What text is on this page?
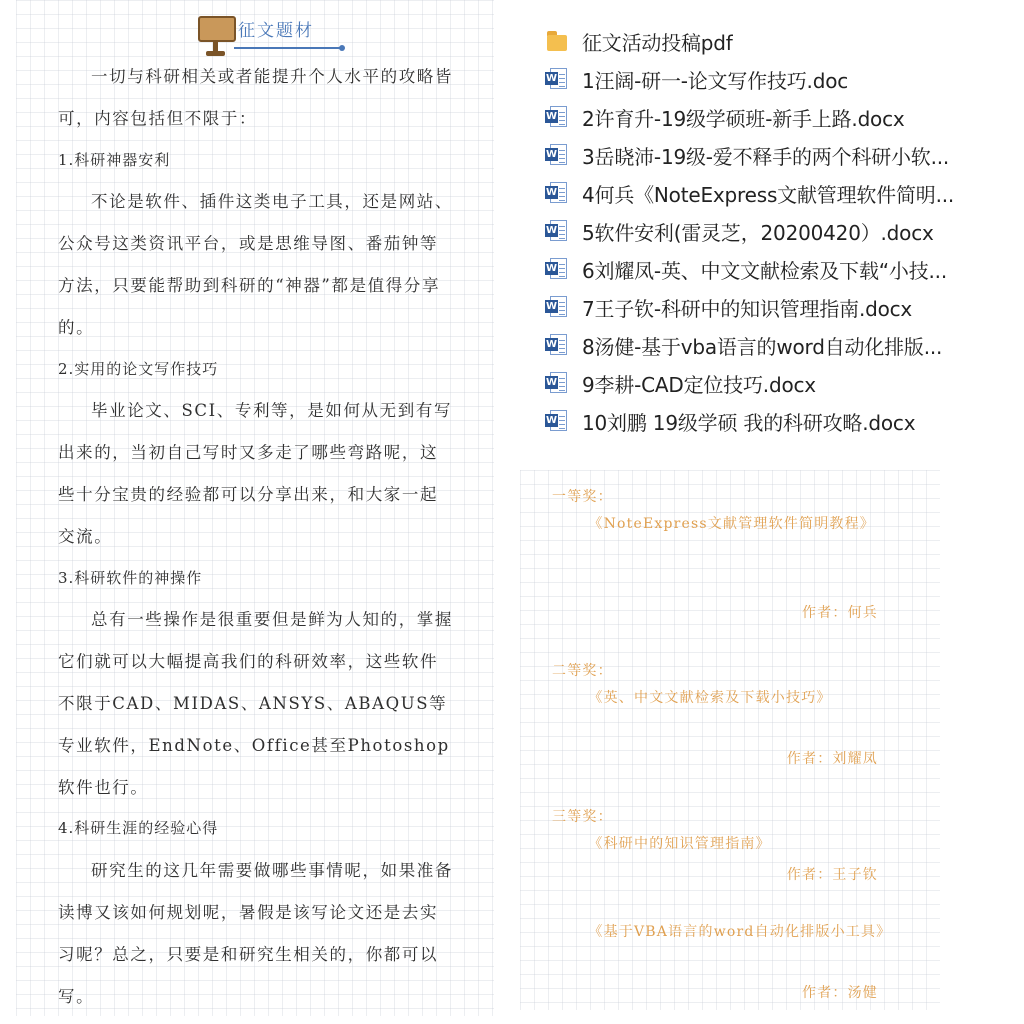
征文题材

一切与科研相关或者能提升个人水平的攻略皆可，内容包括但不限于：

1.科研神器安利

不论是软件、插件这类电子工具，还是网站、公众号这类资讯平台，或是思维导图、番茄钟等方法，只要能帮助到科研的“神器”都是值得分享的。

2.实用的论文写作技巧

毕业论文、SCI、专利等，是如何从无到有写出来的，当初自己写时又多走了哪些弯路呢，这些十分宝贵的经验都可以分享出来，和大家一起交流。

3.科研软件的神操作

总有一些操作是很重要但是鲜为人知的，掌握它们就可以大幅提高我们的科研效率，这些软件不限于CAD、MIDAS、ANSYS、ABAQUS等专业软件，EndNote、Office甚至Photoshop软件也行。

4.科研生涯的经验心得

研究生的这几年需要做哪些事情呢，如果准备读博又该如何规划呢，暑假是该写论文还是去实习呢？总之，只要是和研究生相关的，你都可以写。

征文活动投稿pdf
W 1汪阔-研一-论文写作技巧.doc
W 2许育升-19级学硕班-新手上路.docx
W 3岳晓沛-19级-爱不释手的两个科研小软...
W 4何兵《NoteExpress文献管理软件简明...
W 5软件安利(雷灵芝，20200420）.docx
W 6刘耀凤-英、中文文献检索及下载“小技...
W 7王子钦-科研中的知识管理指南.docx
W 8汤健-基于vba语言的word自动化排版...
W 9李耕-CAD定位技巧.docx
W 10刘鹏 19级学硕 我的科研攻略.docx
一等奖：
《NoteExpress文献管理软件简明教程》
作者：何兵
二等奖：
《英、中文文献检索及下载小技巧》
作者：刘耀凤
三等奖：
《科研中的知识管理指南》
作者：王子钦
《基于VBA语言的word自动化排版小工具》
作者：汤健
